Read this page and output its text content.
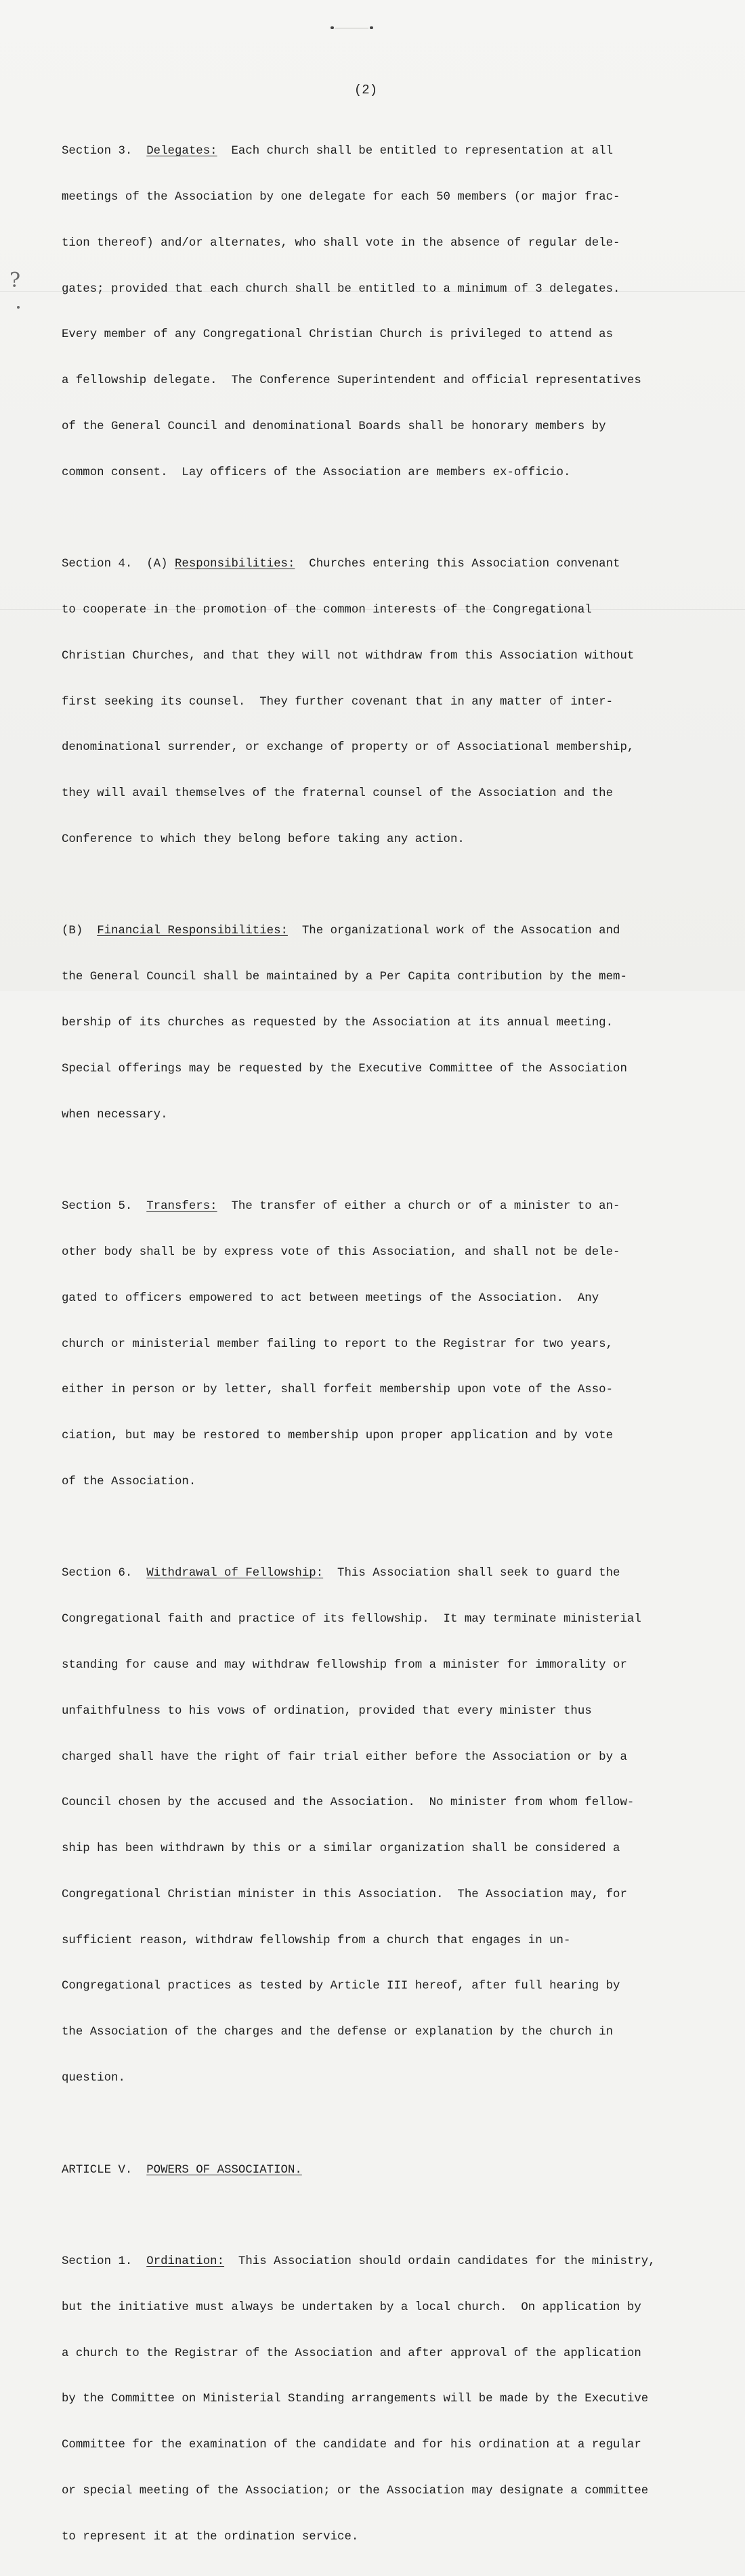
(2)
?

Section 3.  Delegates:  Each church shall be entitled to representation at all

meetings of the Association by one delegate for each 50 members (or major frac-

tion thereof) and/or alternates, who shall vote in the absence of regular dele-

gates; provided that each church shall be entitled to a minimum of 3 delegates.

Every member of any Congregational Christian Church is privileged to attend as

a fellowship delegate.  The Conference Superintendent and official representatives

of the General Council and denominational Boards shall be honorary members by

common consent.  Lay officers of the Association are members ex-officio.

Section 4.  (A) Responsibilities:  Churches entering this Association convenant

to cooperate in the promotion of the common interests of the Congregational

Christian Churches, and that they will not withdraw from this Association without

first seeking its counsel.  They further covenant that in any matter of inter-

denominational surrender, or exchange of property or of Associational membership,

they will avail themselves of the fraternal counsel of the Association and the

Conference to which they belong before taking any action.

(B)  Financial Responsibilities:  The organizational work of the Assocation and

the General Council shall be maintained by a Per Capita contribution by the mem-

bership of its churches as requested by the Association at its annual meeting.

Special offerings may be requested by the Executive Committee of the Association

when necessary.

Section 5.  Transfers:  The transfer of either a church or of a minister to an-

other body shall be by express vote of this Association, and shall not be dele-

gated to officers empowered to act between meetings of the Association.  Any

church or ministerial member failing to report to the Registrar for two years,

either in person or by letter, shall forfeit membership upon vote of the Asso-

ciation, but may be restored to membership upon proper application and by vote

of the Association.

Section 6.  Withdrawal of Fellowship:  This Association shall seek to guard the

Congregational faith and practice of its fellowship.  It may terminate ministerial

standing for cause and may withdraw fellowship from a minister for immorality or

unfaithfulness to his vows of ordination, provided that every minister thus

charged shall have the right of fair trial either before the Association or by a

Council chosen by the accused and the Association.  No minister from whom fellow-

ship has been withdrawn by this or a similar organization shall be considered a

Congregational Christian minister in this Association.  The Association may, for

sufficient reason, withdraw fellowship from a church that engages in un-

Congregational practices as tested by Article III hereof, after full hearing by

the Association of the charges and the defense or explanation by the church in

question.

ARTICLE V.  POWERS OF ASSOCIATION.

Section 1.  Ordination:  This Association should ordain candidates for the ministry,

but the initiative must always be undertaken by a local church.  On application by

a church to the Registrar of the Association and after approval of the application

by the Committee on Ministerial Standing arrangements will be made by the Executive

Committee for the examination of the candidate and for his ordination at a regular

or special meeting of the Association; or the Association may designate a committee

to represent it at the ordination service.
